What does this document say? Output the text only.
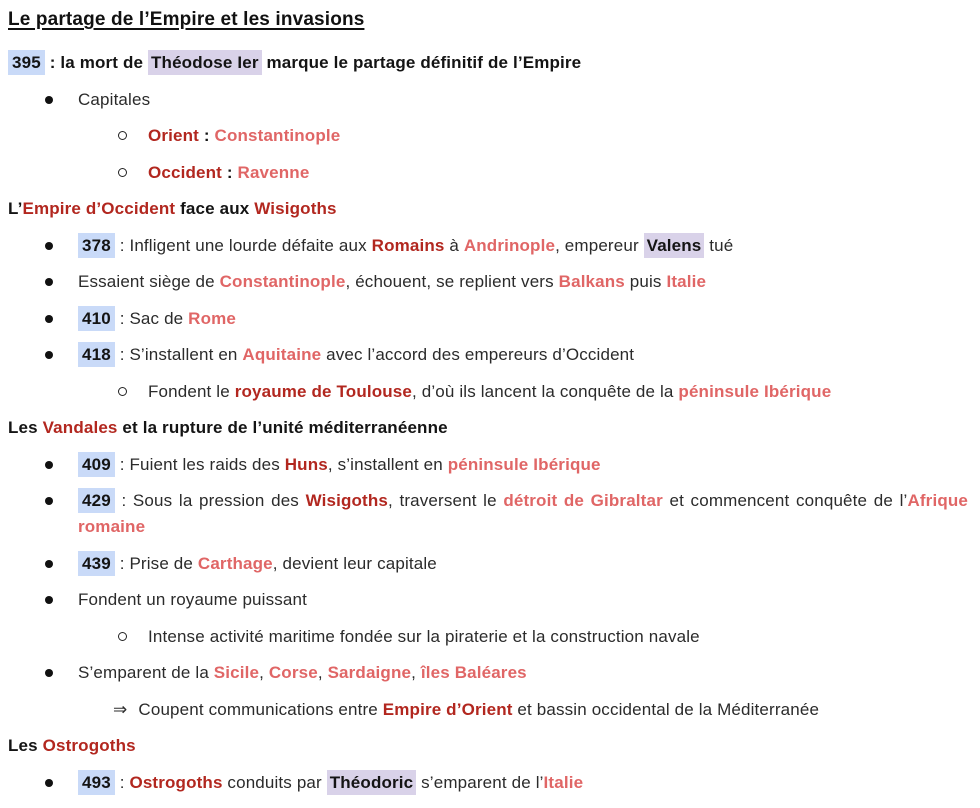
Le partage de l’Empire et les invasions
395 : la mort de Théodose Ier marque le partage définitif de l’Empire
Capitales
Orient : Constantinople
Occident : Ravenne
L’Empire d’Occident face aux Wisigoths
378 : Infligent une lourde défaite aux Romains à Andrinople, empereur Valens tué
Essaient siège de Constantinople, échouent, se replient vers Balkans puis Italie
410 : Sac de Rome
418 : S’installent en Aquitaine avec l’accord des empereurs d’Occident
Fondent le royaume de Toulouse, d’où ils lancent la conquête de la péninsule Ibérique
Les Vandales et la rupture de l’unité méditerranéenne
409 : Fuient les raids des Huns, s’installent en péninsule Ibérique
429 : Sous la pression des Wisigoths, traversent le détroit de Gibraltar et commencent conquête de l’Afrique romaine
439 : Prise de Carthage, devient leur capitale
Fondent un royaume puissant
Intense activité maritime fondée sur la piraterie et la construction navale
S’emparent de la Sicile, Corse, Sardaigne, îles Baléares
⇒ Coupent communications entre Empire d’Orient et bassin occidental de la Méditerranée
Les Ostrogoths
493 : Ostrogoths conduits par Théodoric s’emparent de l’Italie
